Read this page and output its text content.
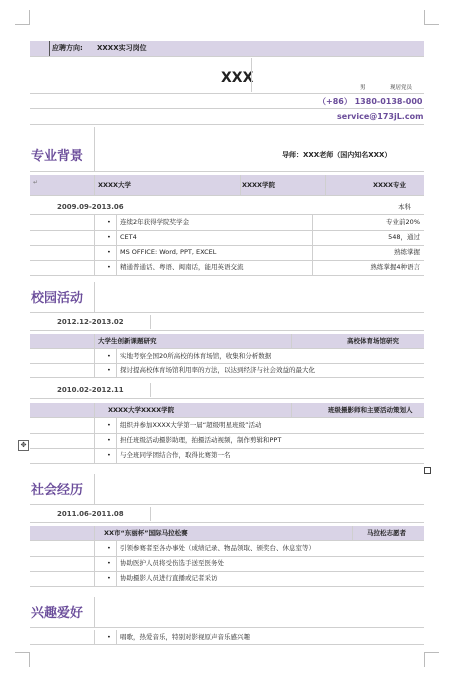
✥
应聘方向: XXXX实习岗位
XXX
男	现居党员
（+86） 1380-0138-000
service@173jL.com
专业背景	导师：XXX老师（国内知名XXX）
↵	XXXX大学	XXXX学院	XXXX专业
2009.09-2013.06	本科
• 连续2年获得学院奖学金	专业前20%
• CET4	548，通过
• MS OFFICE: Word, PPT, EXCEL	熟练掌握
• 精通普通话、粤语、闽南话，能用英语交流	熟练掌握4种语言
校园活动
2012.12-2013.02
大学生创新课题研究	高校体育场馆研究
• 实地考察全国20所高校的体育场馆，收集和分析数据
• 探讨提高校体育场馆利用率的方法，以达到经济与社会效益的最大化
2010.02-2012.11
XXXX大学XXXX学院	班级摄影师和主要活动策划人
• 组织并参加XXXX大学第一届“超级明星班级”活动
• 担任班级活动摄影助理，拍摄活动视频，制作剪辑和PPT
• 与全班同学团结合作，取得比赛第一名
社会经历
2011.06-2011.08
XX市“东丽杯”国际马拉松赛	马拉松志愿者
• 引领参赛者至各办事处（成绩记录、物品领取、颁奖台、休息室等）
• 协助医护人员将受伤选手送至医务处
• 协助摄影人员进行直播或记者采访
兴趣爱好
• 唱歌，热爱音乐，特别对影视原声音乐感兴趣
